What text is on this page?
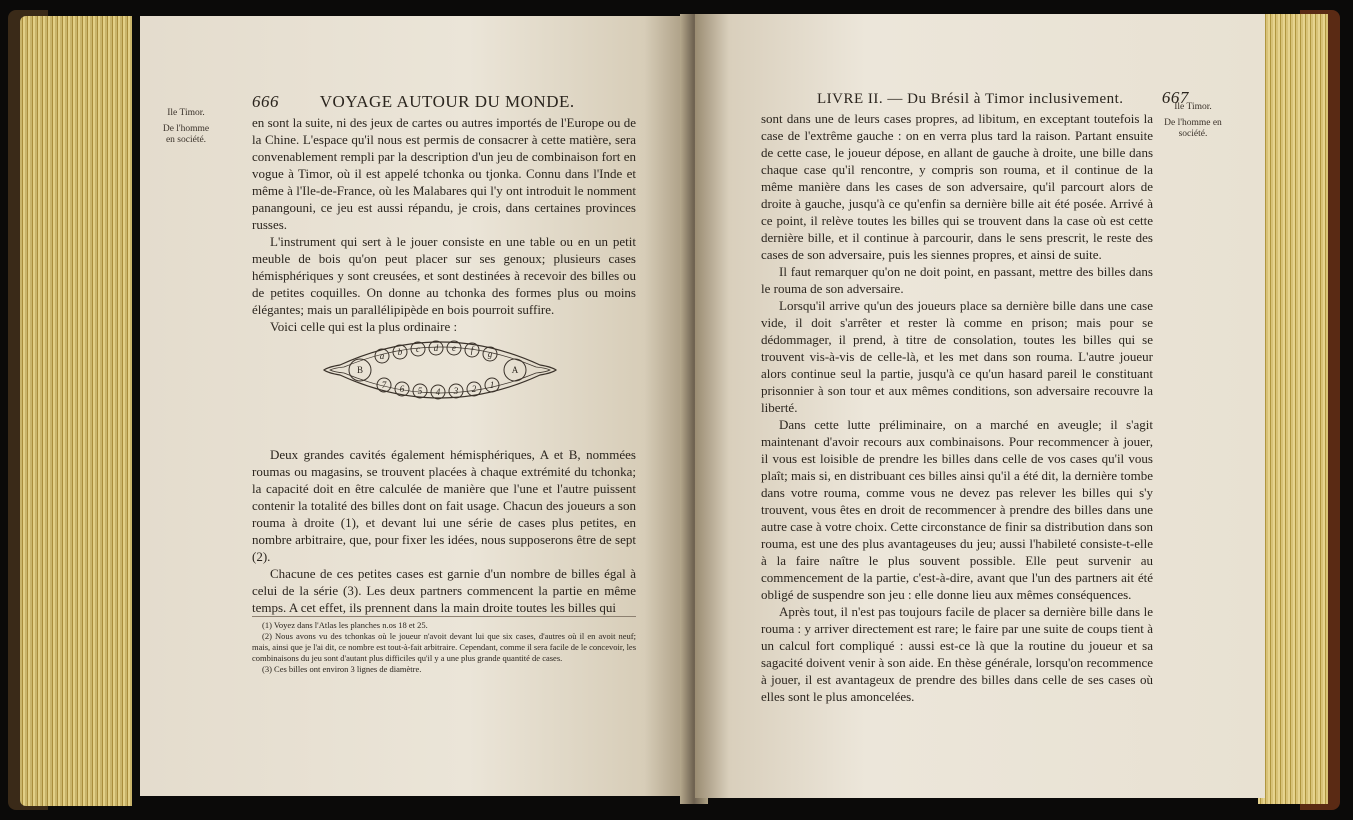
Ile Timor.
De l'homme en société.
666 VOYAGE AUTOUR DU MONDE.

en sont la suite, ni des jeux de cartes ou autres importés de l'Europe ou de la Chine. L'espace qu'il nous est permis de consacrer à cette matière, sera convenablement rempli par la description d'un jeu de combinaison fort en vogue à Timor, où il est appelé tchonka ou tjonka. Connu dans l'Inde et même à l'Ile-de-France, où les Malabares qui l'y ont introduit le nomment panangouni, ce jeu est aussi répandu, je crois, dans certaines provinces russes.

L'instrument qui sert à le jouer consiste en une table ou en un petit meuble de bois qu'on peut placer sur ses genoux; plusieurs cases hémisphériques y sont creusées, et sont destinées à recevoir des billes ou de petites coquilles. On donne au tchonka des formes plus ou moins élégantes; mais un parallélipipède en bois pourroit suffire.

Voici celle qui est la plus ordinaire :

Deux grandes cavités également hémisphériques, A et B, nommées roumas ou magasins, se trouvent placées à chaque extrémité du tchonka; la capacité doit en être calculée de manière que l'une et l'autre puissent contenir la totalité des billes dont on fait usage. Chacun des joueurs a son rouma à droite (1), et devant lui une série de cases plus petites, en nombre arbitraire, que, pour fixer les idées, nous supposerons être de sept (2).

Chacune de ces petites cases est garnie d'un nombre de billes égal à celui de la série (3). Les deux partners commencent la partie en même temps. A cet effet, ils prennent dans la main droite toutes les billes qui

(1) Voyez dans l'Atlas les planches n.os 18 et 25.

(2) Nous avons vu des tchonkas où le joueur n'avoit devant lui que six cases, d'autres où il en avoit neuf; mais, ainsi que je l'ai dit, ce nombre est tout-à-fait arbitraire. Cependant, comme il sera facile de le concevoir, les combinaisons du jeu sont d'autant plus difficiles qu'il y a une plus grande quantité de cases.

(3) Ces billes ont environ 3 lignes de diamètre.

B	A
a b c d e f g
7 6 5 4 3 2 1
LIVRE II. — Du Brésil à Timor inclusivement. 667
Ile Timor.
De l'homme en société.

sont dans une de leurs cases propres, ad libitum, en exceptant toutefois la case de l'extrême gauche : on en verra plus tard la raison. Partant ensuite de cette case, le joueur dépose, en allant de gauche à droite, une bille dans chaque case qu'il rencontre, y compris son rouma, et il continue de la même manière dans les cases de son adversaire, qu'il parcourt alors de droite à gauche, jusqu'à ce qu'enfin sa dernière bille ait été posée. Arrivé à ce point, il relève toutes les billes qui se trouvent dans la case où est cette dernière bille, et il continue à parcourir, dans le sens prescrit, le reste des cases de son adversaire, puis les siennes propres, et ainsi de suite.

Il faut remarquer qu'on ne doit point, en passant, mettre des billes dans le rouma de son adversaire.

Lorsqu'il arrive qu'un des joueurs place sa dernière bille dans une case vide, il doit s'arrêter et rester là comme en prison; mais pour se dédommager, il prend, à titre de consolation, toutes les billes qui se trouvent vis-à-vis de celle-là, et les met dans son rouma. L'autre joueur alors continue seul la partie, jusqu'à ce qu'un hasard pareil le constituant prisonnier à son tour et aux mêmes conditions, son adversaire recouvre la liberté.

Dans cette lutte préliminaire, on a marché en aveugle; il s'agit maintenant d'avoir recours aux combinaisons. Pour recommencer à jouer, il vous est loisible de prendre les billes dans celle de vos cases qu'il vous plaît; mais si, en distribuant ces billes ainsi qu'il a été dit, la dernière tombe dans votre rouma, comme vous ne devez pas relever les billes qui s'y trouvent, vous êtes en droit de recommencer à prendre des billes dans une autre case à votre choix. Cette circonstance de finir sa distribution dans son rouma, est une des plus avantageuses du jeu; aussi l'habileté consiste-t-elle à la faire naître le plus souvent possible. Elle peut survenir au commencement de la partie, c'est-à-dire, avant que l'un des partners ait été obligé de suspendre son jeu : elle donne lieu aux mêmes conséquences.

Après tout, il n'est pas toujours facile de placer sa dernière bille dans le rouma : y arriver directement est rare; le faire par une suite de coups tient à un calcul fort compliqué : aussi est-ce là que la routine du joueur et sa sagacité doivent venir à son aide. En thèse générale, lorsqu'on recommence à jouer, il est avantageux de prendre des billes dans celle de ses cases où elles sont le plus amoncelées.
